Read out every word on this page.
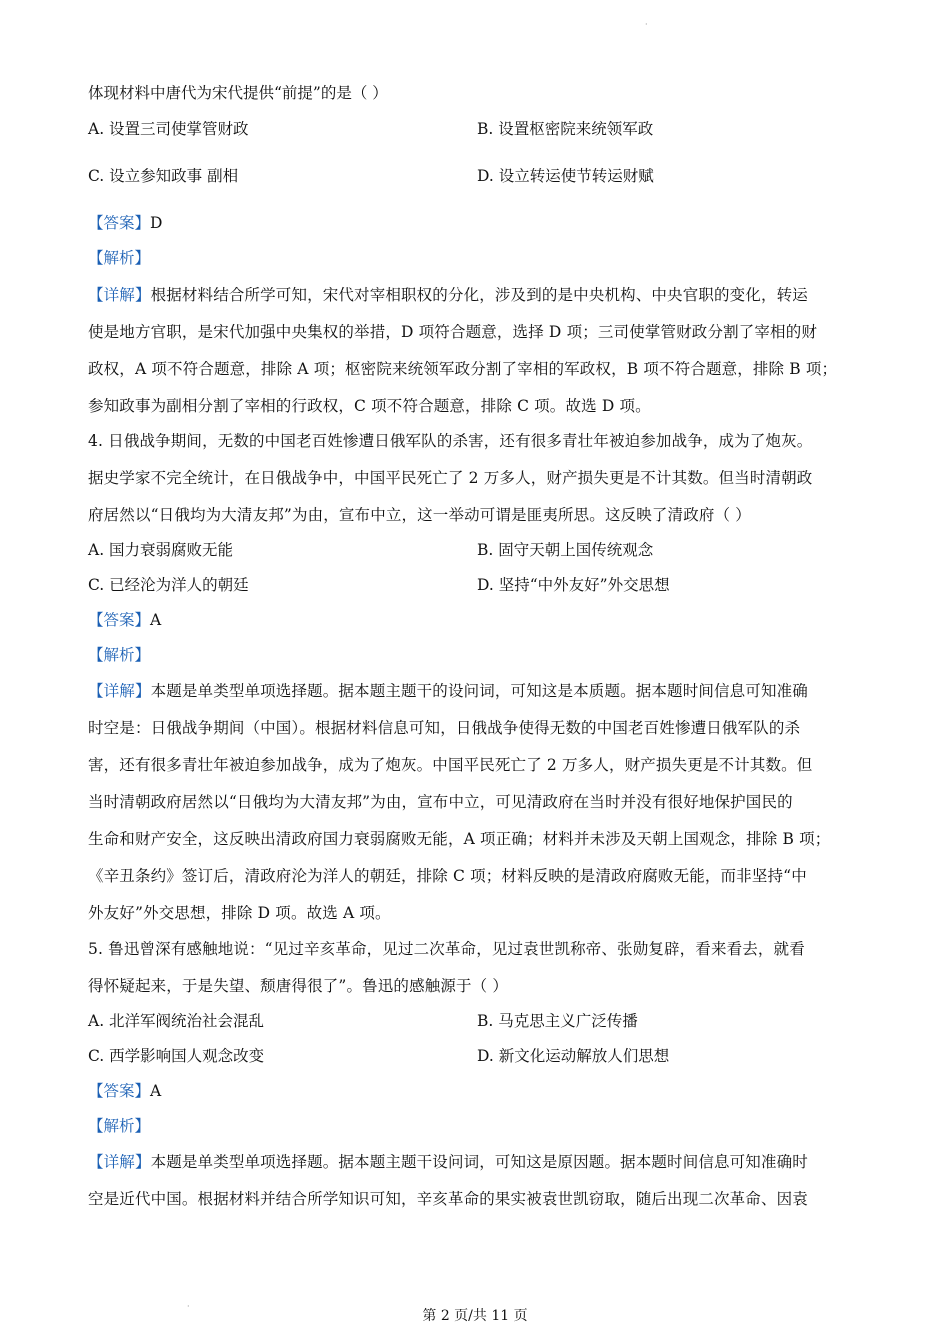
·
·
体现材料中唐代为宋代提供“前提”的是（ ）
A. 设置三司使掌管财政	B. 设置枢密院来统领军政
C. 设立参知政事 副相	D. 设立转运使节转运财赋
【答案】D
【解析】
【详解】根据材料结合所学可知，宋代对宰相职权的分化，涉及到的是中央机构、中央官职的变化，转运
使是地方官职，是宋代加强中央集权的举措，D 项符合题意，选择 D 项；三司使掌管财政分割了宰相的财
政权，A 项不符合题意，排除 A 项；枢密院来统领军政分割了宰相的军政权，B 项不符合题意，排除 B 项；
参知政事为副相分割了宰相的行政权，C 项不符合题意，排除 C 项。故选 D 项。
4. 日俄战争期间，无数的中国老百姓惨遭日俄军队的杀害，还有很多青壮年被迫参加战争，成为了炮灰。
据史学家不完全统计，在日俄战争中，中国平民死亡了 2 万多人，财产损失更是不计其数。但当时清朝政
府居然以“日俄均为大清友邦”为由，宣布中立，这一举动可谓是匪夷所思。这反映了清政府（ ）
A. 国力衰弱腐败无能	B. 固守天朝上国传统观念
C. 已经沦为洋人的朝廷	D. 坚持“中外友好”外交思想
【答案】A
【解析】
【详解】本题是单类型单项选择题。据本题主题干的设问词，可知这是本质题。据本题时间信息可知准确
时空是：日俄战争期间（中国）。根据材料信息可知，日俄战争使得无数的中国老百姓惨遭日俄军队的杀
害，还有很多青壮年被迫参加战争，成为了炮灰。中国平民死亡了 2 万多人，财产损失更是不计其数。但
当时清朝政府居然以“日俄均为大清友邦”为由，宣布中立，可见清政府在当时并没有很好地保护国民的
生命和财产安全，这反映出清政府国力衰弱腐败无能，A 项正确；材料并未涉及天朝上国观念，排除 B 项；
《辛丑条约》签订后，清政府沦为洋人的朝廷，排除 C 项；材料反映的是清政府腐败无能，而非坚持“中
外友好”外交思想，排除 D 项。故选 A 项。
5. 鲁迅曾深有感触地说：“见过辛亥革命，见过二次革命，见过袁世凯称帝、张勋复辟，看来看去，就看
得怀疑起来，于是失望、颓唐得很了”。鲁迅的感触源于（ ）
A. 北洋军阀统治社会混乱	B. 马克思主义广泛传播
C. 西学影响国人观念改变	D. 新文化运动解放人们思想
【答案】A
【解析】
【详解】本题是单类型单项选择题。据本题主题干设问词，可知这是原因题。据本题时间信息可知准确时
空是近代中国。根据材料并结合所学知识可知，辛亥革命的果实被袁世凯窃取，随后出现二次革命、因袁
第 2 页/共 11 页
